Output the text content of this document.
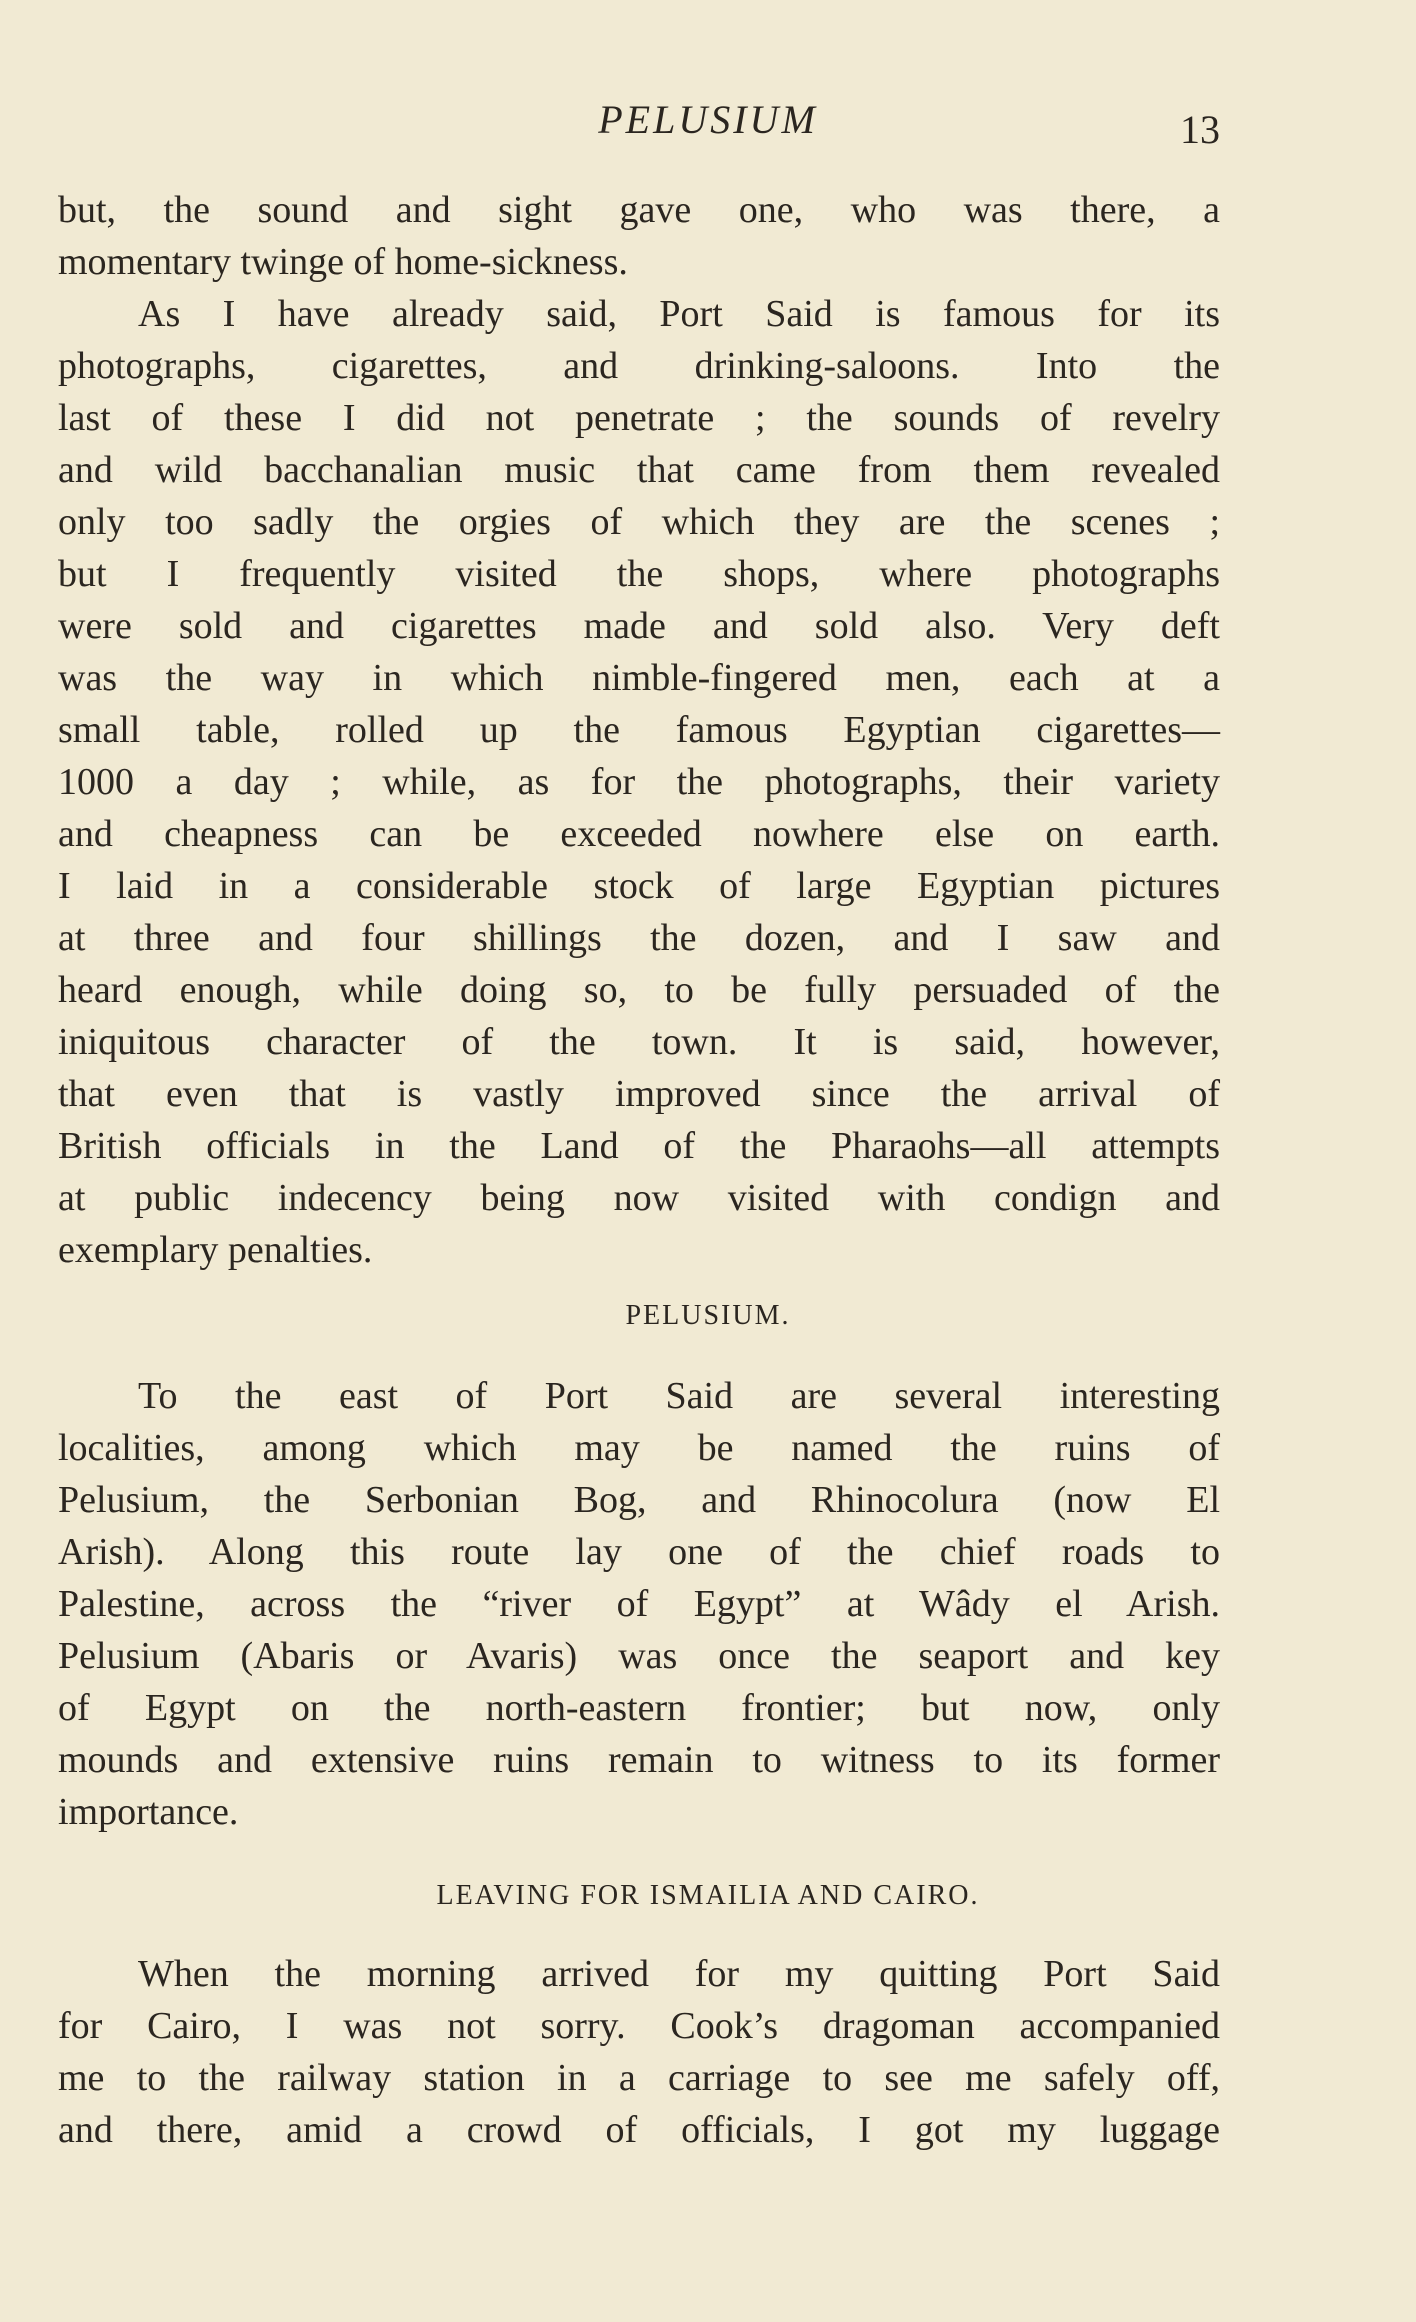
PELUSIUM	13
but, the sound and sight gave one, who was there, a
momentary twinge of home-sickness.
As I have already said, Port Said is famous for its
photographs, cigarettes, and drinking-saloons. Into the
last of these I did not penetrate ; the sounds of revelry
and wild bacchanalian music that came from them revealed
only too sadly the orgies of which they are the scenes ;
but I frequently visited the shops, where photographs
were sold and cigarettes made and sold also. Very deft
was the way in which nimble-fingered men, each at a
small table, rolled up the famous Egyptian cigarettes—
1000 a day ; while, as for the photographs, their variety
and cheapness can be exceeded nowhere else on earth.
I laid in a considerable stock of large Egyptian pictures
at three and four shillings the dozen, and I saw and
heard enough, while doing so, to be fully persuaded of the
iniquitous character of the town. It is said, however,
that even that is vastly improved since the arrival of
British officials in the Land of the Pharaohs—all attempts
at public indecency being now visited with condign and
exemplary penalties.
PELUSIUM.
To the east of Port Said are several interesting
localities, among which may be named the ruins of
Pelusium, the Serbonian Bog, and Rhinocolura (now El
Arish). Along this route lay one of the chief roads to
Palestine, across the “river of Egypt” at Wâdy el Arish.
Pelusium (Abaris or Avaris) was once the seaport and key
of Egypt on the north-eastern frontier; but now, only
mounds and extensive ruins remain to witness to its former
importance.
LEAVING FOR ISMAILIA AND CAIRO.
When the morning arrived for my quitting Port Said
for Cairo, I was not sorry. Cook’s dragoman accompanied
me to the railway station in a carriage to see me safely off,
and there, amid a crowd of officials, I got my luggage
